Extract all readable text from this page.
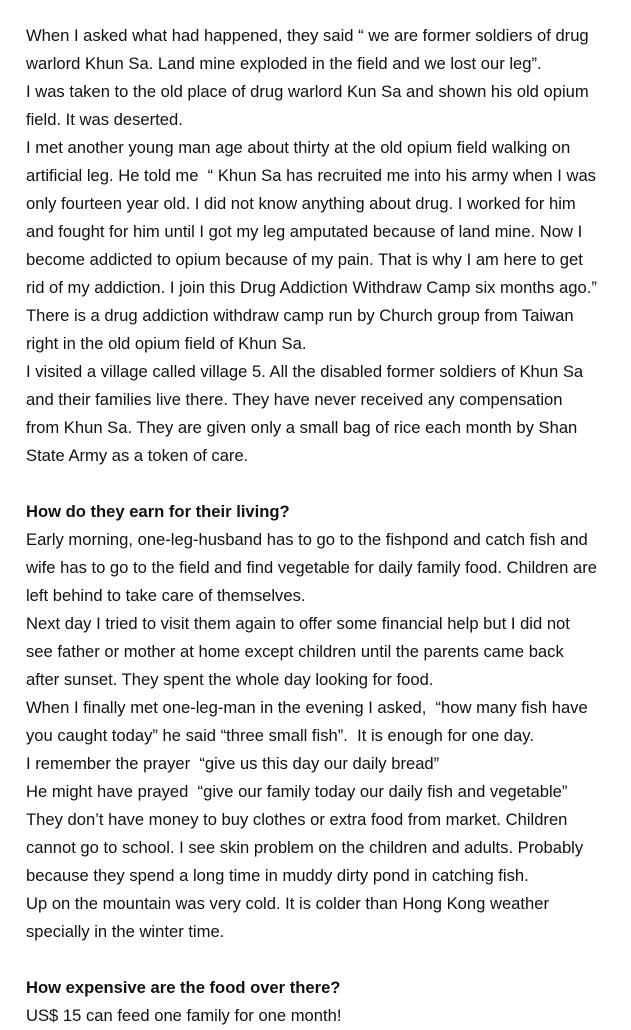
When I asked what had happened, they said “ we are former soldiers of drug
warlord Khun Sa. Land mine exploded in the field and we lost our leg”.
I was taken to the old place of drug warlord Kun Sa and shown his old opium
field. It was deserted.
I met another young man age about thirty at the old opium field walking on
artificial leg. He told me  “ Khun Sa has recruited me into his army when I was
only fourteen year old. I did not know anything about drug. I worked for him
and fought for him until I got my leg amputated because of land mine. Now I
become addicted to opium because of my pain. That is why I am here to get
rid of my addiction. I join this Drug Addiction Withdraw Camp six months ago.”
There is a drug addiction withdraw camp run by Church group from Taiwan
right in the old opium field of Khun Sa.
I visited a village called village 5. All the disabled former soldiers of Khun Sa
and their families live there. They have never received any compensation
from Khun Sa. They are given only a small bag of rice each month by Shan
State Army as a token of care.
How do they earn for their living?
Early morning, one-leg-husband has to go to the fishpond and catch fish and
wife has to go to the field and find vegetable for daily family food. Children are
left behind to take care of themselves.
Next day I tried to visit them again to offer some financial help but I did not
see father or mother at home except children until the parents came back
after sunset. They spent the whole day looking for food.
When I finally met one-leg-man in the evening I asked,  “how many fish have
you caught today” he said “three small fish”.  It is enough for one day.
I remember the prayer  “give us this day our daily bread”
He might have prayed  “give our family today our daily fish and vegetable”
They don’t have money to buy clothes or extra food from market. Children
cannot go to school. I see skin problem on the children and adults. Probably
because they spend a long time in muddy dirty pond in catching fish.
Up on the mountain was very cold. It is colder than Hong Kong weather
specially in the winter time.
How expensive are the food over there?
US$ 15 can feed one family for one month!
